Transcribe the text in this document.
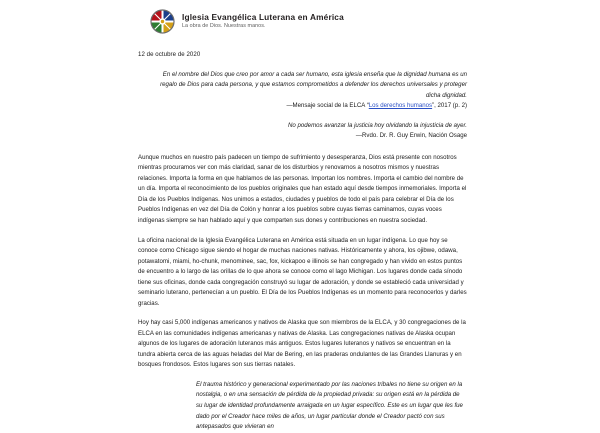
Iglesia Evangélica Luterana en América
La obra de Dios. Nuestras manos.
12 de octubre de 2020
En el nombre del Dios que creo por amor a cada ser humano, esta iglesia enseña que la dignidad humana es un regalo de Dios para cada persona, y que estamos comprometidos a defender los derechos universales y proteger dicha dignidad.
—Mensaje social de la ELCA “Los derechos humanos”, 2017 (p. 2)
No podemos avanzar la justicia hoy olvidando la injusticia de ayer.
—Rvdo. Dr. R. Guy Erwin, Nación Osage

Aunque muchos en nuestro país padecen un tiempo de sufrimiento y desesperanza, Dios está presente con nosotros mientras procuramos ver con más claridad, sanar de los disturbios y renovarnos a nosotros mismos y nuestras relaciones. Importa la forma en que hablamos de las personas. Importan los nombres. Importa el cambio del nombre de un día. Importa el reconocimiento de los pueblos originales que han estado aquí desde tiempos inmemoriales. Importa el Día de los Pueblos Indígenas. Nos unimos a estados, ciudades y pueblos de todo el país para celebrar el Día de los Pueblos Indígenas en vez del Día de Colón y honrar a los pueblos sobre cuyas tierras caminamos, cuyas voces indígenas siempre se han hablado aquí y que comparten sus dones y contribuciones en nuestra sociedad.

La oficina nacional de la Iglesia Evangélica Luterana en América está situada en un lugar indígena. Lo que hoy se conoce como Chicago sigue siendo el hogar de muchas naciones nativas. Históricamente y ahora, los ojibwe, odawa, potawatomi, miami, ho-chunk, menominee, sac, fox, kickapoo e illinois se han congregado y han vivido en estos puntos de encuentro a lo largo de las orillas de lo que ahora se conoce como el lago Michigan. Los lugares donde cada sínodo tiene sus oficinas, donde cada congregación construyó su lugar de adoración, y donde se estableció cada universidad y seminario luterano, pertenecían a un pueblo. El Día de los Pueblos Indígenas es un momento para reconocerlos y darles gracias.

Hoy hay casi 5,000 indígenas americanos y nativos de Alaska que son miembros de la ELCA, y 30 congregaciones de la ELCA en las comunidades indígenas americanas y nativas de Alaska. Las congregaciones nativas de Alaska ocupan algunos de los lugares de adoración luteranos más antiguos. Estos lugares luteranos y nativos se encuentran en la tundra abierta cerca de las aguas heladas del Mar de Bering, en las praderas ondulantes de las Grandes Llanuras y en bosques frondosos. Estos lugares son sus tierras natales.

El trauma histórico y generacional experimentado por las naciones tribales no tiene su origen en la nostalgia, o en una sensación de pérdida de la propiedad privada: su origen está en la pérdida de su lugar de identidad profundamente arraigada en un lugar específico. Este es un lugar que les fue dado por el Creador hace miles de años, un lugar particular donde el Creador pactó con sus antepasados que vivieran en
